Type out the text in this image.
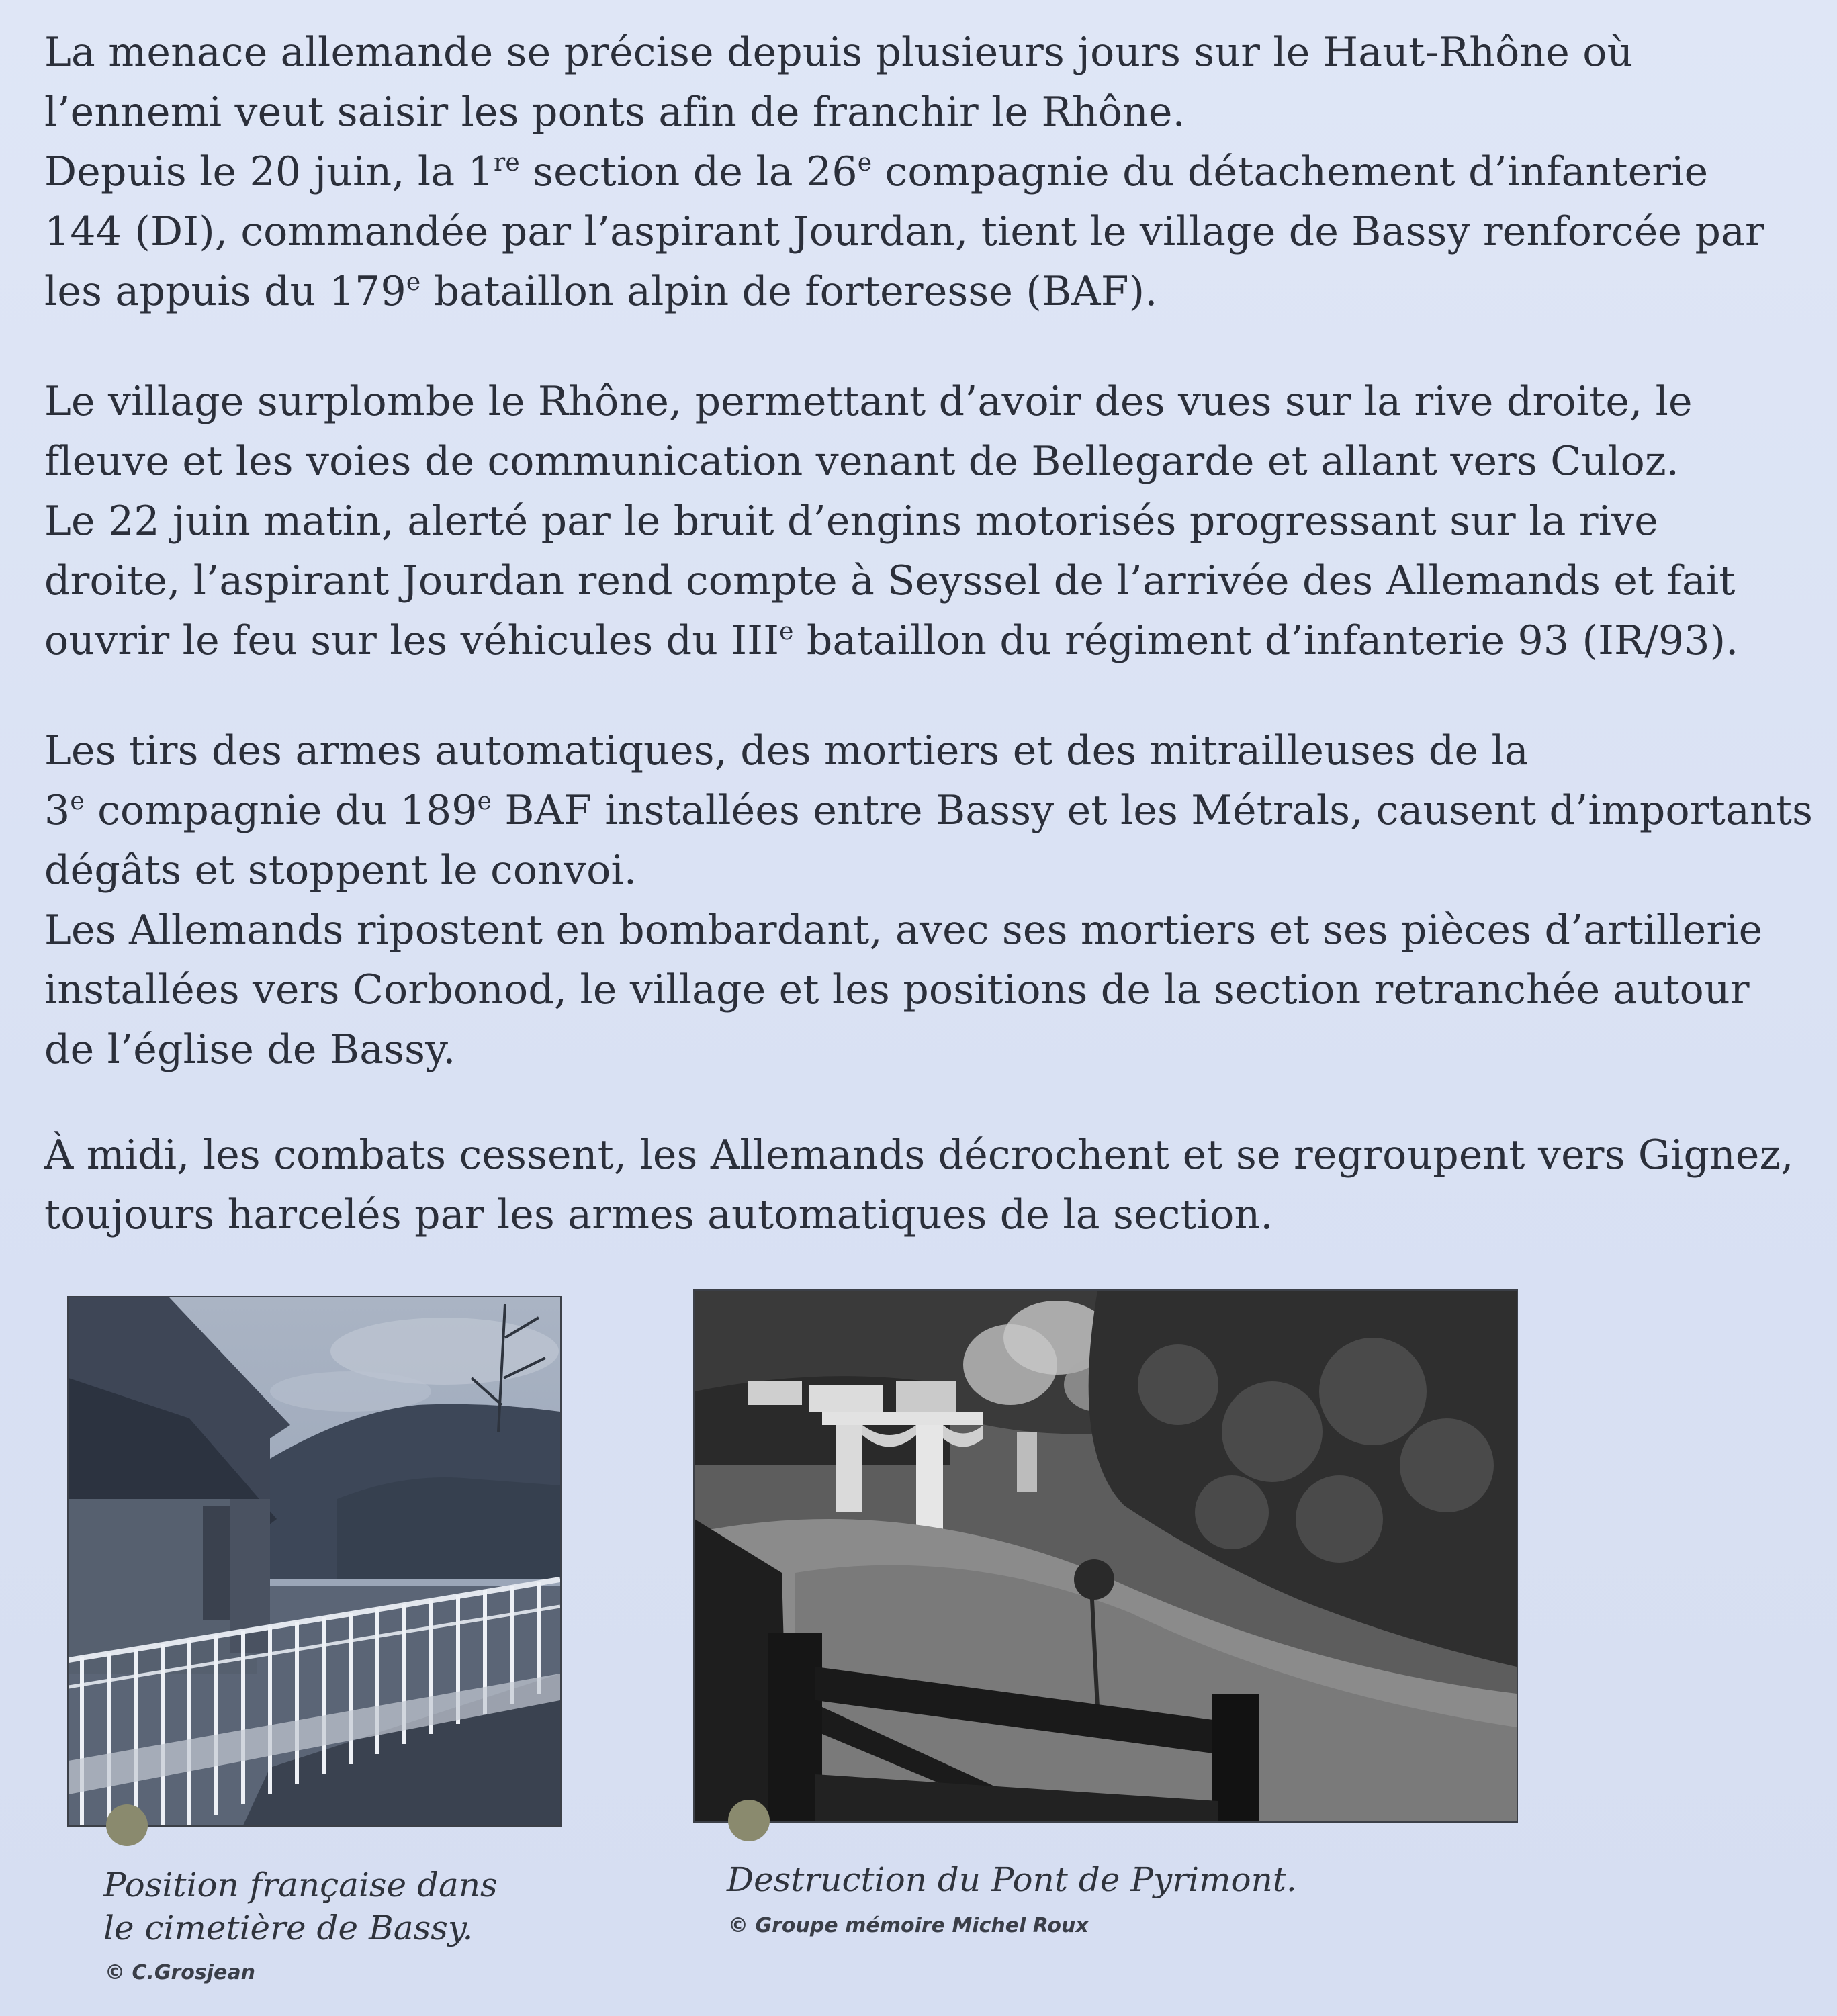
La menace allemande se précise depuis plusieurs jours sur le Haut-Rhône où

l’ennemi veut saisir les ponts afin de franchir le Rhône.

Depuis le 20 juin, la 1re section de la 26e compagnie du détachement d’infanterie

144 (DI), commandée par l’aspirant Jourdan, tient le village de Bassy renforcée par

les appuis du 179e bataillon alpin de forteresse (BAF).

Le village surplombe le Rhône, permettant d’avoir des vues sur la rive droite, le

fleuve et les voies de communication venant de Bellegarde et allant vers Culoz.

Le 22 juin matin, alerté par le bruit d’engins motorisés progressant sur la rive

droite, l’aspirant Jourdan rend compte à Seyssel de l’arrivée des Allemands et fait

ouvrir le feu sur les véhicules du IIIe bataillon du régiment d’infanterie 93 (IR/93).

Les tirs des armes automatiques, des mortiers et des mitrailleuses de la

3e compagnie du 189e BAF installées entre Bassy et les Métrals, causent d’importants

dégâts et stoppent le convoi.

Les Allemands ripostent en bombardant, avec ses mortiers et ses pièces d’artillerie

installées vers Corbonod, le village et les positions de la section retranchée autour

de l’église de Bassy.

À midi, les combats cessent, les Allemands décrochent et se regroupent vers Gignez,

toujours harcelés par les armes automatiques de la section.

Position française dans

le cimetière de Bassy.

© C.Grosjean

Destruction du Pont de Pyrimont.

© Groupe mémoire Michel Roux
